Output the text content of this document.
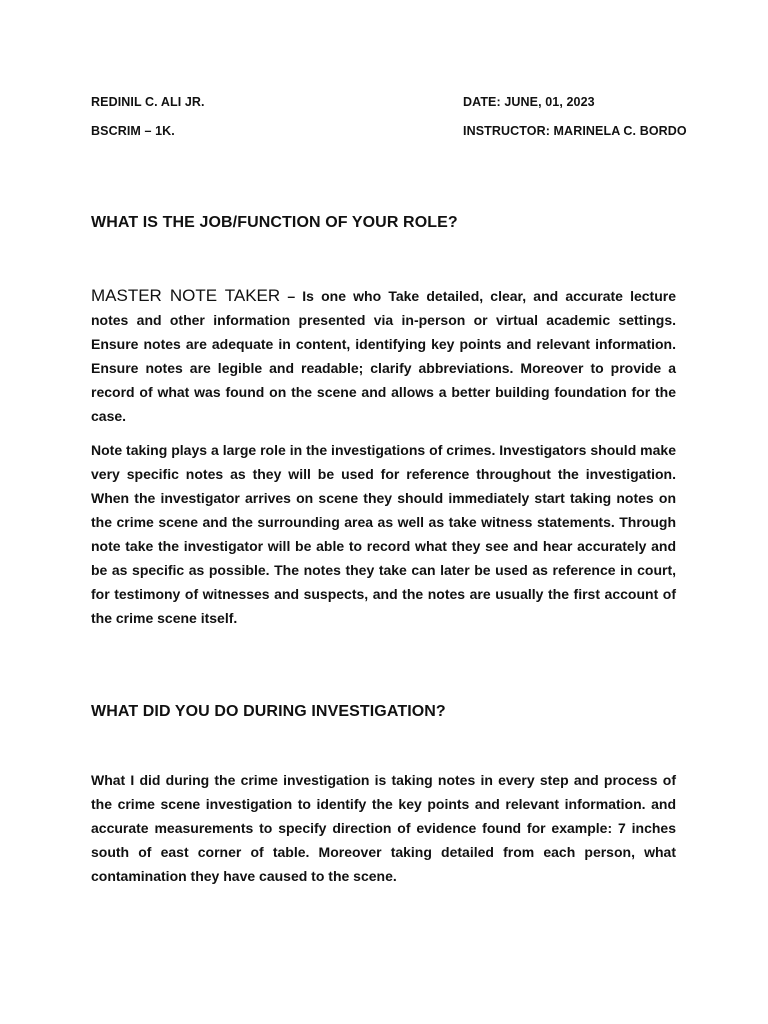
REDINIL C. ALI JR.
BSCRIM – 1K.
DATE: JUNE, 01, 2023
INSTRUCTOR: MARINELA C. BORDO
WHAT IS THE JOB/FUNCTION OF YOUR ROLE?
MASTER NOTE TAKER – Is one who Take detailed, clear, and accurate lecture notes and other information presented via in-person or virtual academic settings. Ensure notes are adequate in content, identifying key points and relevant information. Ensure notes are legible and readable; clarify abbreviations. Moreover to provide a record of what was found on the scene and allows a better building foundation for the case.
Note taking plays a large role in the investigations of crimes. Investigators should make very specific notes as they will be used for reference throughout the investigation. When the investigator arrives on scene they should immediately start taking notes on the crime scene and the surrounding area as well as take witness statements. Through note take the investigator will be able to record what they see and hear accurately and be as specific as possible. The notes they take can later be used as reference in court, for testimony of witnesses and suspects, and the notes are usually the first account of the crime scene itself.
WHAT DID YOU DO DURING INVESTIGATION?
What I did during the crime investigation is taking notes in every step and process of the crime scene investigation to identify the key points and relevant information. and accurate measurements to specify direction of evidence found for example: 7 inches south of east corner of table. Moreover taking detailed from each person, what contamination they have caused to the scene.
